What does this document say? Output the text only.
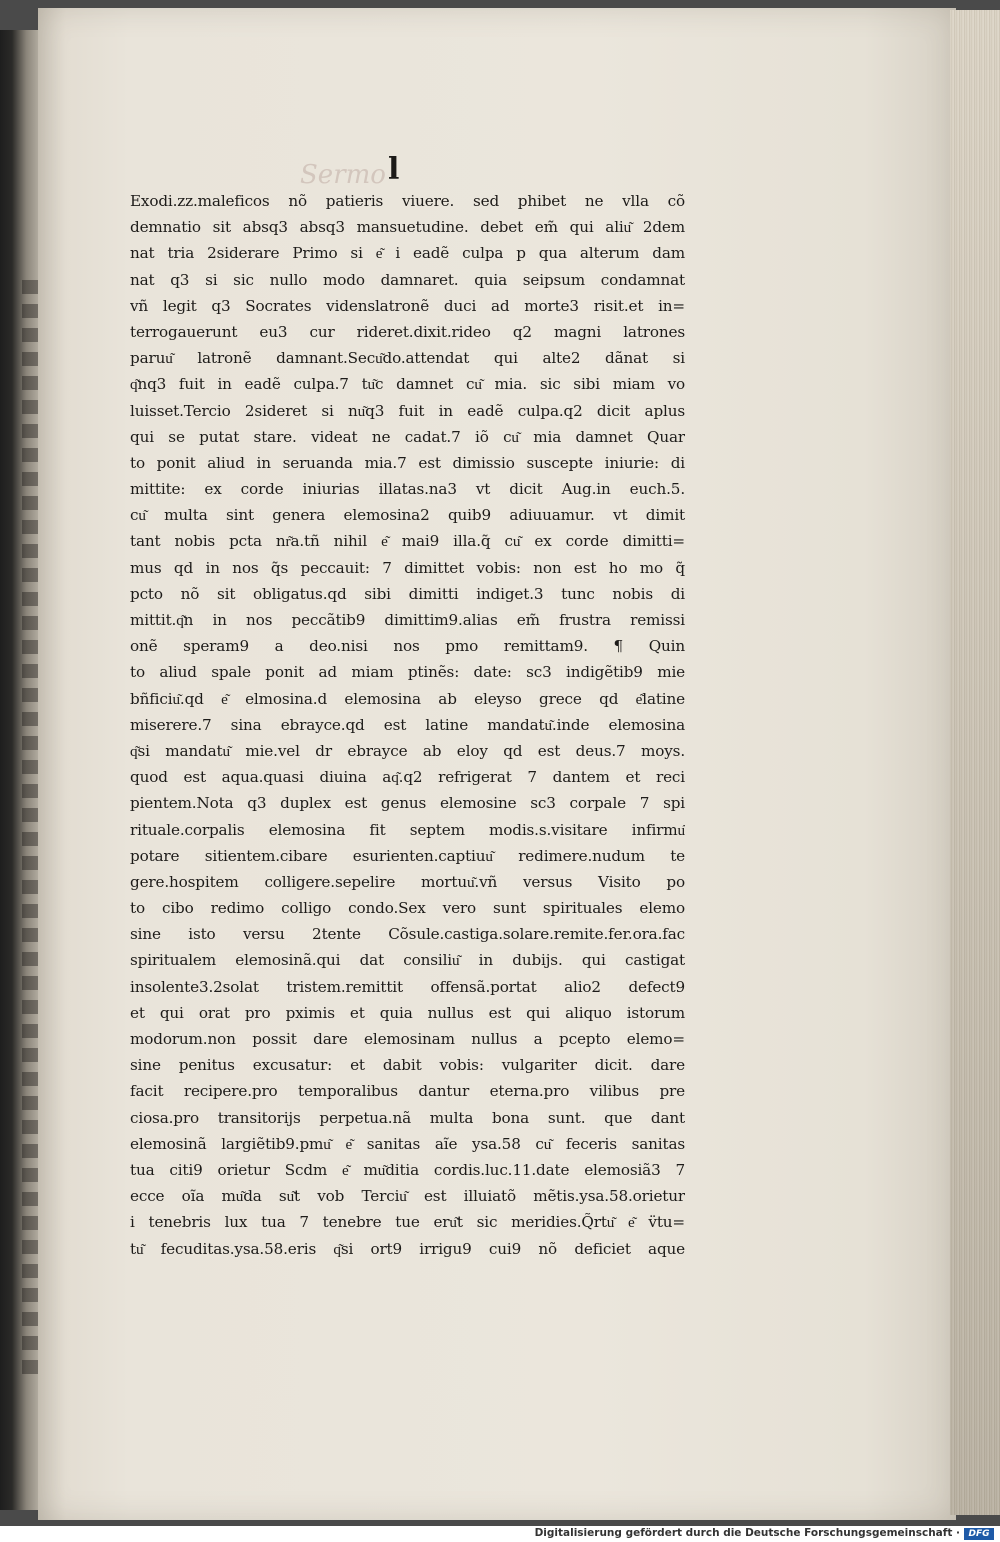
Sermo l
Exodi.zz.maleficos nõ patieris viuere. sed phibet ne vlla cõ
demnatio sit absq3 absq3 mansuetudine. debet em̃ qui aliu͂ 2dem
nat tria 2siderare Primo si e͂ i eadẽ culpa p qua alterum dam
nat q3 si sic nullo modo damnaret. quia seipsum condamnat
vñ legit q3 Socrates videnslatronẽ duci ad morte3 risit.et in=
terrogauerunt eu3 cur rideret.dixit.rideo q2 magni latrones
paruu͂ latronẽ damnant.Secu͂do.attendat qui alte2 dãnat si
q͂nq3 fuit in eadẽ culpa.7 tu͂c damnet cu͂ mia. sic sibi miam vo
luisset.Tercio 2sideret si nu͂q3 fuit in eadẽ culpa.q2 dicit aplus
qui se putat stare. videat ne cadat.7 iõ cu͂ mia damnet Quar
to ponit aliud in seruanda mia.7 est dimissio suscepte iniurie: di
mittite: ex corde iniurias illatas.na3 vt dicit Aug.in euch.5.
cu͂ multa sint genera elemosina2 quib9 adiuuamur. vt dimit
tant nobis pcta nr͂a.tñ nihil e͂ mai9 illa.q̃ cu͂ ex corde dimitti=
mus qd in nos q̃s peccauit: 7 dimittet vobis: non est ho mo q̃
pcto nõ sit obligatus.qd sibi dimitti indiget.3 tunc nobis di
mittit.q͂n in nos peccãtib9 dimittim9.alias em̃ frustra remissi
onẽ speram9 a deo.nisi nos pmo remittam9. ¶ Quin
to aliud spale ponit ad miam ptinẽs: date: sc3 indigẽtib9 mie
bñficiu͂.qd e͂ elmosina.d elemosina ab eleyso grece qd e͂latine
miserere.7 sina ebrayce.qd est latine mandatu͂.inde elemosina
q͂si mandatu͂ mie.vel dr ebrayce ab eloy qd est deus.7 moys.
quod est aqua.quasi diuina aq͂.q2 refrigerat 7 dantem et reci
pientem.Nota q3 duplex est genus elemosine sc3 corpale 7 spi
rituale.corpalis elemosina fit septem modis.s.visitare infirmu͂
potare sitientem.cibare esurienten.captiuu͂ redimere.nudum te
gere.hospitem colligere.sepelire mortuu͂.vñ versus Visito po
to cibo redimo colligo condo.Sex vero sunt spirituales elemo
sine isto versu 2tente Cõsule.castiga.solare.remite.fer.ora.fac
spiritualem elemosinã.qui dat consiliu͂ in dubijs. qui castigat
insolente3.2solat tristem.remittit offensã.portat alio2 defect9
et qui orat pro pximis et quia nullus est qui aliquo istorum
modorum.non possit dare elemosinam nullus a pcepto elemo=
sine penitus excusatur: et dabit vobis: vulgariter dicit. dare
facit recipere.pro temporalibus dantur eterna.pro vilibus pre
ciosa.pro transitorijs perpetua.nã multa bona sunt. que dant
elemosinã largiẽtib9.pmu͂ e͂ sanitas aĩe ysa.58 cu͂ feceris sanitas
tua citi9 orietur Scdm e͂ mu͂ditia cordis.luc.11.date elemosiã3 7
ecce oĩa mu͂da su͂t vob Terciu͂ est illuiatõ mẽtis.ysa.58.orietur
i tenebris lux tua 7 tenebre tue eru͂t sic meridies.Q̃rtu͂ e͂ v̈tu=
tu͂ fecuditas.ysa.58.eris q͂si ort9 irrigu9 cui9 nõ deficiet aque
Digitalisierung gefördert durch die Deutsche Forschungsgemeinschaft · DFG
